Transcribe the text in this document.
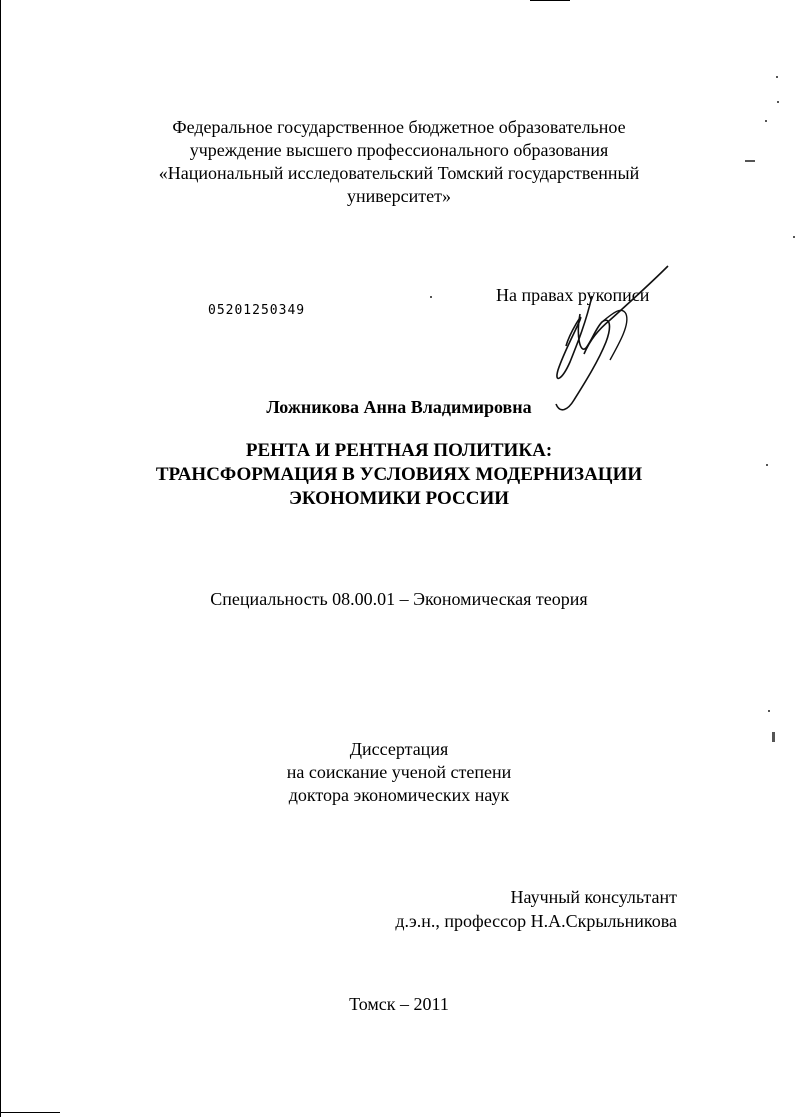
Федеральное государственное бюджетное образовательное
учреждение высшего профессионального образования
«Национальный исследовательский Томский государственный
университет»
05201250349
На правах рукописи
Ложникова Анна Владимировна
РЕНТА И РЕНТНАЯ ПОЛИТИКА:
ТРАНСФОРМАЦИЯ В УСЛОВИЯХ МОДЕРНИЗАЦИИ
ЭКОНОМИКИ РОССИИ
Специальность 08.00.01 – Экономическая теория
Диссертация
на соискание ученой степени
доктора экономических наук
Научный консультант
д.э.н., профессор Н.А.Скрыльникова
Томск – 2011
